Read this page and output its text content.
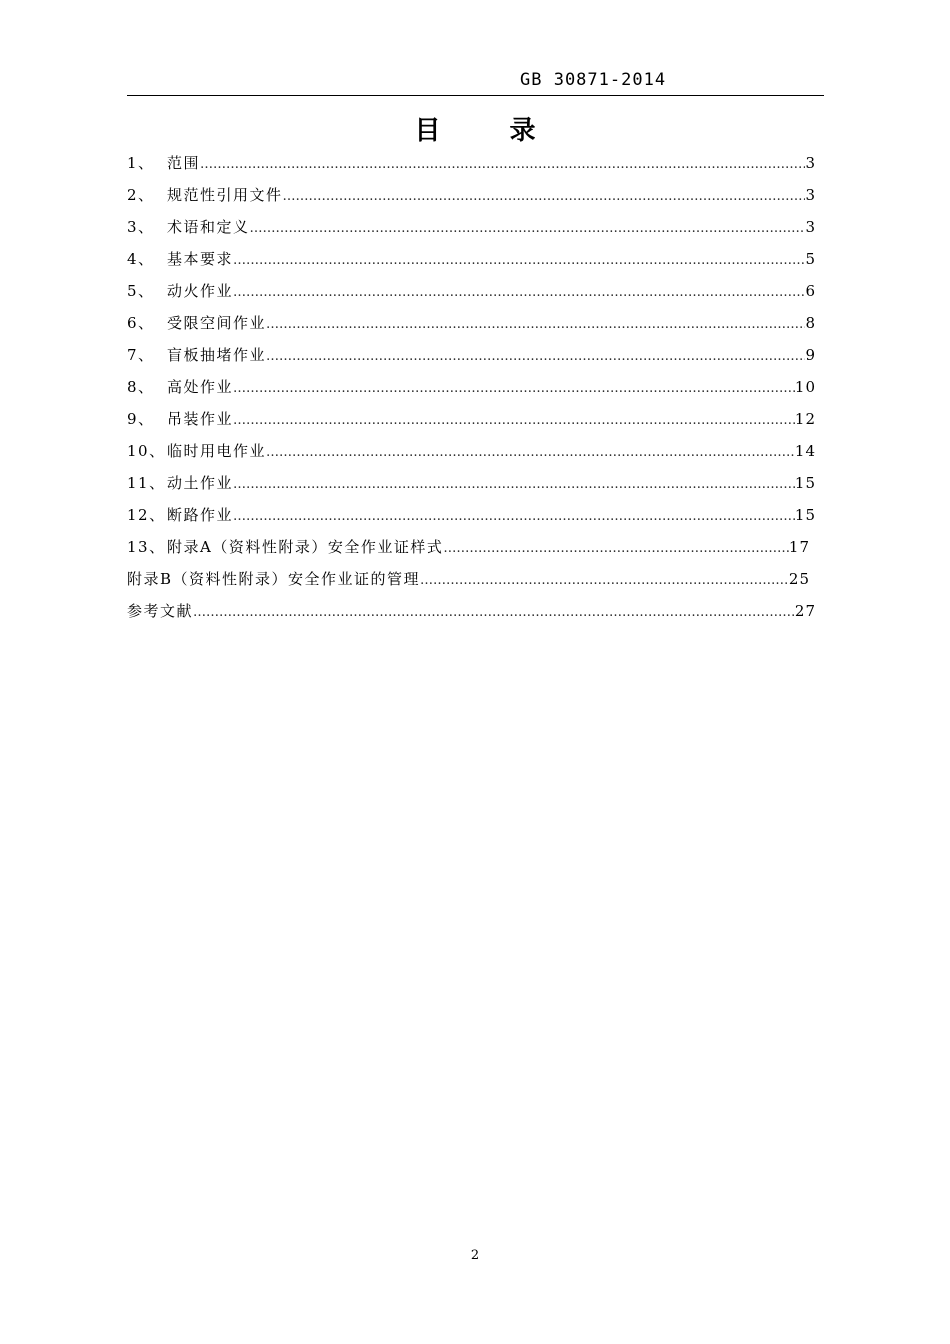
GB 30871-2014
目 录
1、 范围 ……………………………………………………………………………………………………………………………………………………………………………………	3
2、 规范性引用文件 ……………………………………………………………………………………………………………………………………………………………………………………	3
3、 术语和定义 ……………………………………………………………………………………………………………………………………………………………………………………	3
4、 基本要求 ……………………………………………………………………………………………………………………………………………………………………………………	5
5、 动火作业 ……………………………………………………………………………………………………………………………………………………………………………………	6
6、 受限空间作业 ……………………………………………………………………………………………………………………………………………………………………………………	8
7、 盲板抽堵作业 ……………………………………………………………………………………………………………………………………………………………………………………	9
8、 高处作业 ……………………………………………………………………………………………………………………………………………………………………………………	10
9、 吊装作业 ……………………………………………………………………………………………………………………………………………………………………………………	12
10、 临时用电作业 ……………………………………………………………………………………………………………………………………………………………………………………	14
11、 动土作业 ……………………………………………………………………………………………………………………………………………………………………………………	15
12、 断路作业 ……………………………………………………………………………………………………………………………………………………………………………………	15
13、 附录A（资料性附录）安全作业证样式 ……………………………………………………………………………………………………………………………………………………………………………………	17
附录B（资料性附录）安全作业证的管理 ……………………………………………………………………………………………………………………………………………………………………………………	25
参考文献 ……………………………………………………………………………………………………………………………………………………………………………………	27
2
